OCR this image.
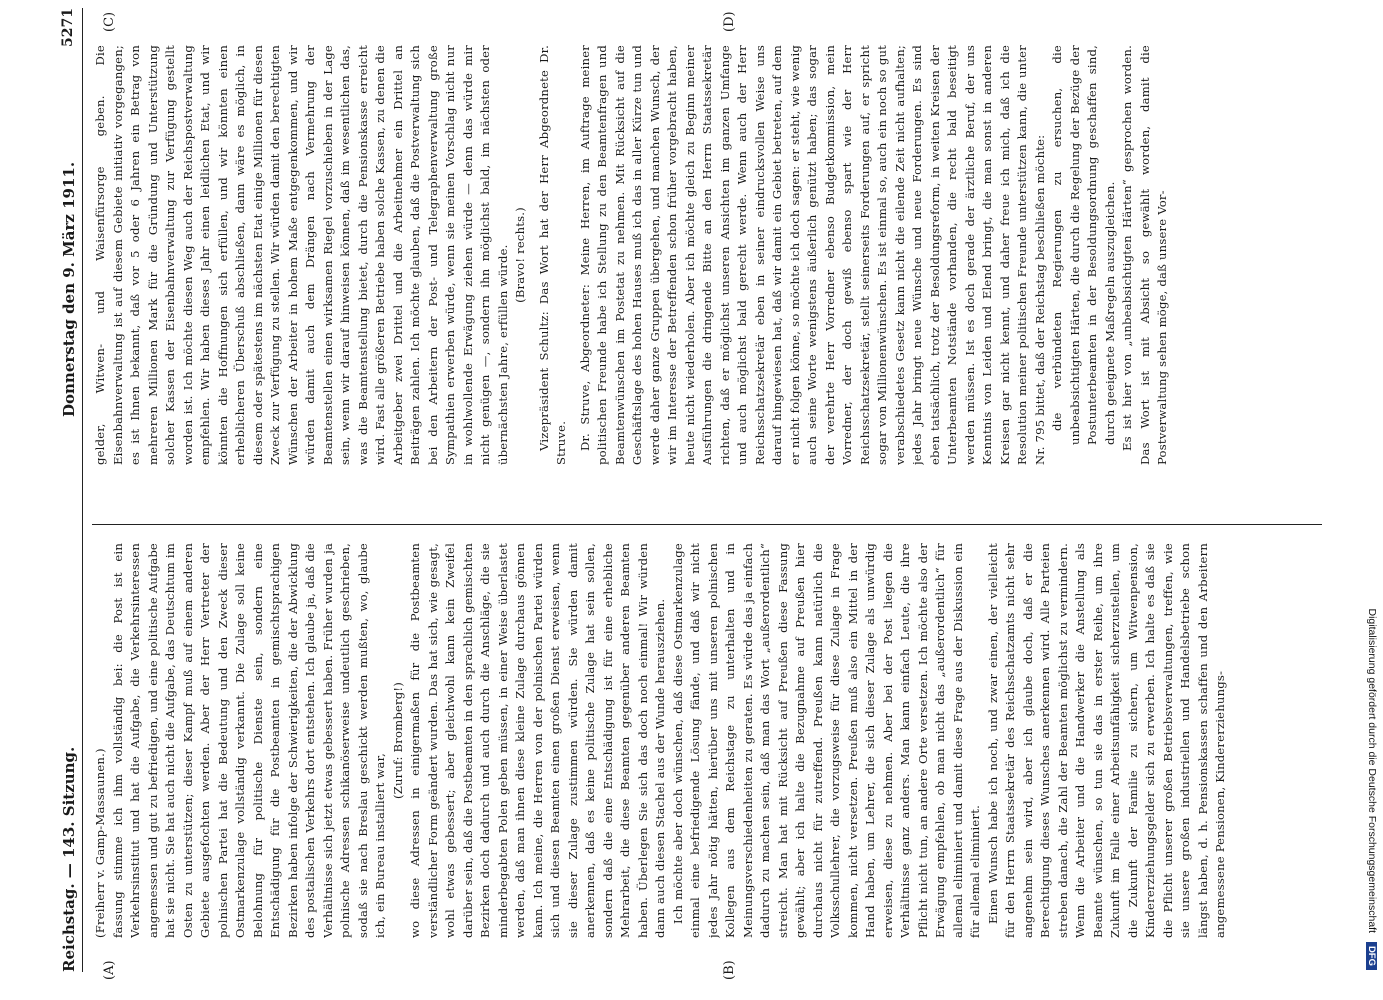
Reichstag. — 143. Sitzung.
Donnerstag den 9. März 1911.
5271
(A)	(B)
(C)	(D)

(Freiherr v. Gamp-Massaunen.) fassung stimme ich ihm vollständig bei: die Post ist ein Verkehrsinstitut und hat die Aufgabe, die Verkehrsinteressen angemessen und gut zu befriedigen, und eine politische Aufgabe hat sie nicht. Sie hat auch nicht die Aufgabe, das Deutschtum im Osten zu unterstützen; dieser Kampf muß auf einem anderen Gebiete ausgefochten werden. Aber der Herr Vertreter der polnischen Partei hat die Bedeutung und den Zweck dieser Ostmarkenzulage vollständig verkannt. Die Zulage soll keine Belohnung für politische Dienste sein, sondern eine Entschädigung für die Postbeamten in gemischtsprachigen Bezirken haben infolge der Schwierigkeiten, die der Abwicklung des postalischen Verkehrs dort entstehen. Ich glaube ja, daß die Verhältnisse sich jetzt etwas gebessert haben. Früher wurden ja polnische Adressen schikanöserweise undeutlich geschrieben, sodaß sie nach Breslau geschickt werden mußten, wo, glaube ich, ein Bureau installiert war,

(Zuruf: Bromberg!) wo diese Adressen in einigermaßen für die Postbeamten verständlicher Form geändert wurden. Das hat sich, wie gesagt, wohl etwas gebessert; aber gleichwohl kann kein Zweifel darüber sein, daß die Postbeamten in den sprachlich gemischten Bezirken doch dadurch und auch durch die Anschläge, die sie minderbegabten Polen geben müssen, in einer Weise überlastet werden, daß man ihnen diese kleine Zulage durchaus gönnen kann. Ich meine, die Herren von der polnischen Partei würden sich und diesen Beamten einen großen Dienst erweisen, wenn sie dieser Zulage zustimmen würden. Sie würden damit anerkennen, daß es keine politische Zulage hat sein sollen, sondern daß die eine Entschädigung ist für eine erhebliche Mehrarbeit, die diese Beamten gegenüber anderen Beamten haben. Überlegen Sie sich das doch noch einmal! Wir würden dann auch diesen Stachel aus der Wunde herausziehen. Ich möchte aber doch wünschen, daß diese Ostmarkenzulage einmal eine befriedigende Lösung fände, und daß wir nicht jedes Jahr nötig hätten, hierüber uns mit unseren polnischen Kollegen aus dem Reichstage zu unterhalten und in Meinungsverschiedenheiten zu geraten. Es würde das ja einfach dadurch zu machen sein, daß man das Wort „außerordentlich“ streicht. Man hat mit Rücksicht auf Preußen diese Fassung gewählt; aber ich halte die Bezugnahme auf Preußen hier durchaus nicht für zutreffend. Preußen kann natürlich die Volksschullehrer, die vorzugsweise für diese Zulage in Frage kommen, nicht versetzen. Preußen muß also ein Mittel in der Hand haben, um Lehrer, die sich dieser Zulage als unwürdig erweisen, diese zu nehmen. Aber bei der Post liegen die Verhältnisse ganz anders. Man kann einfach Leute, die ihre Pflicht nicht tun, an andere Orte versetzen. Ich möchte also der Erwägung empfehlen, ob man nicht das „außerordentlich“ für allemal eliminiert und damit diese Frage aus der Diskussion ein für allemal eliminiert. Einen Wunsch habe ich noch, und zwar einen, der vielleicht für den Herrn Staatssekretär des Reichsschatzamts nicht sehr angenehm sein wird, aber ich glaube doch, daß er die Berechtigung dieses Wunsches anerkennen wird. Alle Parteien streben danach, die Zahl der Beamten möglichst zu vermindern. Wenn die Arbeiter und die Handwerker die Anstellung als Beamte wünschen, so tun sie das in erster Reihe, um ihre Zukunft im Falle einer Arbeitsunfähigkeit sicherzustellen, um die Zukunft der Familie zu sichern, um Witwenpension, Kindererziehungsgelder sich zu erwerben. Ich halte es daß sie die Pflicht unserer großen Betriebsverwaltungen, treffen, wie sie unsere großen industriellen und Handelsbetriebe schon längst haben, d. h. Pensionskassen schaffen und den Arbeitern angemessene Pensionen, Kindererziehungs-

gelder, Witwen- und Waisenfürsorge geben. Die Eisenbahnverwaltung ist auf diesem Gebiete initiativ vorgegangen; es ist Ihnen bekannt, daß vor 5 oder 6 Jahren ein Betrag von mehreren Millionen Mark für die Gründung und Unterstützung solcher Kassen der Eisenbahnverwaltung zur Verfügung gestellt worden ist. Ich möchte diesen Weg auch der Reichspostverwaltung empfehlen. Wir haben dieses Jahr einen leidlichen Etat, und wir könnten die Hoffnungen sich erfüllen, und wir könnten einen erheblicheren Überschuß abschließen, dann wäre es möglich, in diesem oder spätestens im nächsten Etat einige Millionen für diesen Zweck zur Verfügung zu stellen. Wir würden damit den berechtigten Wünschen der Arbeiter in hohem Maße entgegenkommen, und wir würden damit auch dem Drängen nach Vermehrung der Beamtenstellen einen wirksamen Riegel vorzuschieben in der Lage sein, wenn wir darauf hinweisen können, daß im wesentlichen das, was die Beamtenstellung bietet, durch die Pensionskasse erreicht wird. Fast alle größeren Betriebe haben solche Kassen, zu denen die Arbeitgeber zwei Drittel und die Arbeitnehmer ein Drittel an Beiträgen zahlen. Ich möchte glauben, daß die Postverwaltung sich bei den Arbeitern der Post- und Telegraphenverwaltung große Sympathien erwerben würde, wenn sie meinen Vorschlag nicht nur in wohlwollende Erwägung ziehen würde — denn das würde mir nicht genügen —, sondern ihn möglichst bald, im nächsten oder übernächsten Jahre, erfüllen würde. (Bravo! rechts.) Vizepräsident Schultz: Das Wort hat der Herr Abgeordnete Dr. Struve. Dr. Struve, Abgeordneter: Meine Herren, im Auftrage meiner politischen Freunde habe ich Stellung zu den Beamtenfragen und Beamtenwünschen im Postetat zu nehmen. Mit Rücksicht auf die Geschäftslage des hohen Hauses muß ich das in aller Kürze tun und werde daher ganze Gruppen übergehen, und manchen Wunsch, der wir im Interesse der Betreffenden schon früher vorgebracht haben, heute nicht wiederholen. Aber ich möchte gleich zu Beginn meiner Ausführungen die dringende Bitte an den Herrn Staatssekretär richten, daß er möglichst unseren Ansichten im ganzen Umfange und auch möglichst bald gerecht werde. Wenn auch der Herr Reichsschatzsekretär eben in seiner eindrucksvollen Weise uns darauf hingewiesen hat, daß wir damit ein Gebiet betreten, auf dem er nicht folgen könne, so möchte ich doch sagen: er steht, wie wenig auch seine Worte wenigstens äußerlich genützt haben; das sogar der verehrte Herr Vorredner ebenso Budgetkommission, mein Vorredner, der doch gewiß ebenso spart wie der Herr Reichsschatzsekretär, stellt seinerseits Forderungen auf, er spricht sogar von Millionenwünschen. Es ist einmal so, auch ein noch so gut verabschiedetes Gesetz kann nicht die eilende Zeit nicht aufhalten; jedes Jahr bringt neue Wünsche und neue Forderungen. Es sind eben tatsächlich, trotz der Besoldungsreform, in weiten Kreisen der Unterbeamten Notstände vorhanden, die recht bald beseitigt werden müssen. Ist es doch gerade der ärztliche Beruf, der uns Kenntnis von Leiden und Elend bringt, die man sonst in anderen Kreisen gar nicht kennt, und daher freue ich mich, daß ich die Resolution meiner politischen Freunde unterstützen kann, die unter Nr. 795 bittet, daß der Reichstag beschließen möchte: die verbündeten Regierungen zu ersuchen, die unbeabsichtigten Härten, die durch die Regelung der Bezüge der Postunterbeamten in der Besoldungsordnung geschaffen sind, durch geeignete Maßregeln auszugleichen. Es ist hier von „unbeabsichtigten Härten“ gesprochen worden. Das Wort ist mit Absicht so gewählt worden, damit die Postverwaltung sehen möge, daß unsere Vor-

Digitalisierung gefördert durch die Deutsche Forschungsgemeinschaft DFG
